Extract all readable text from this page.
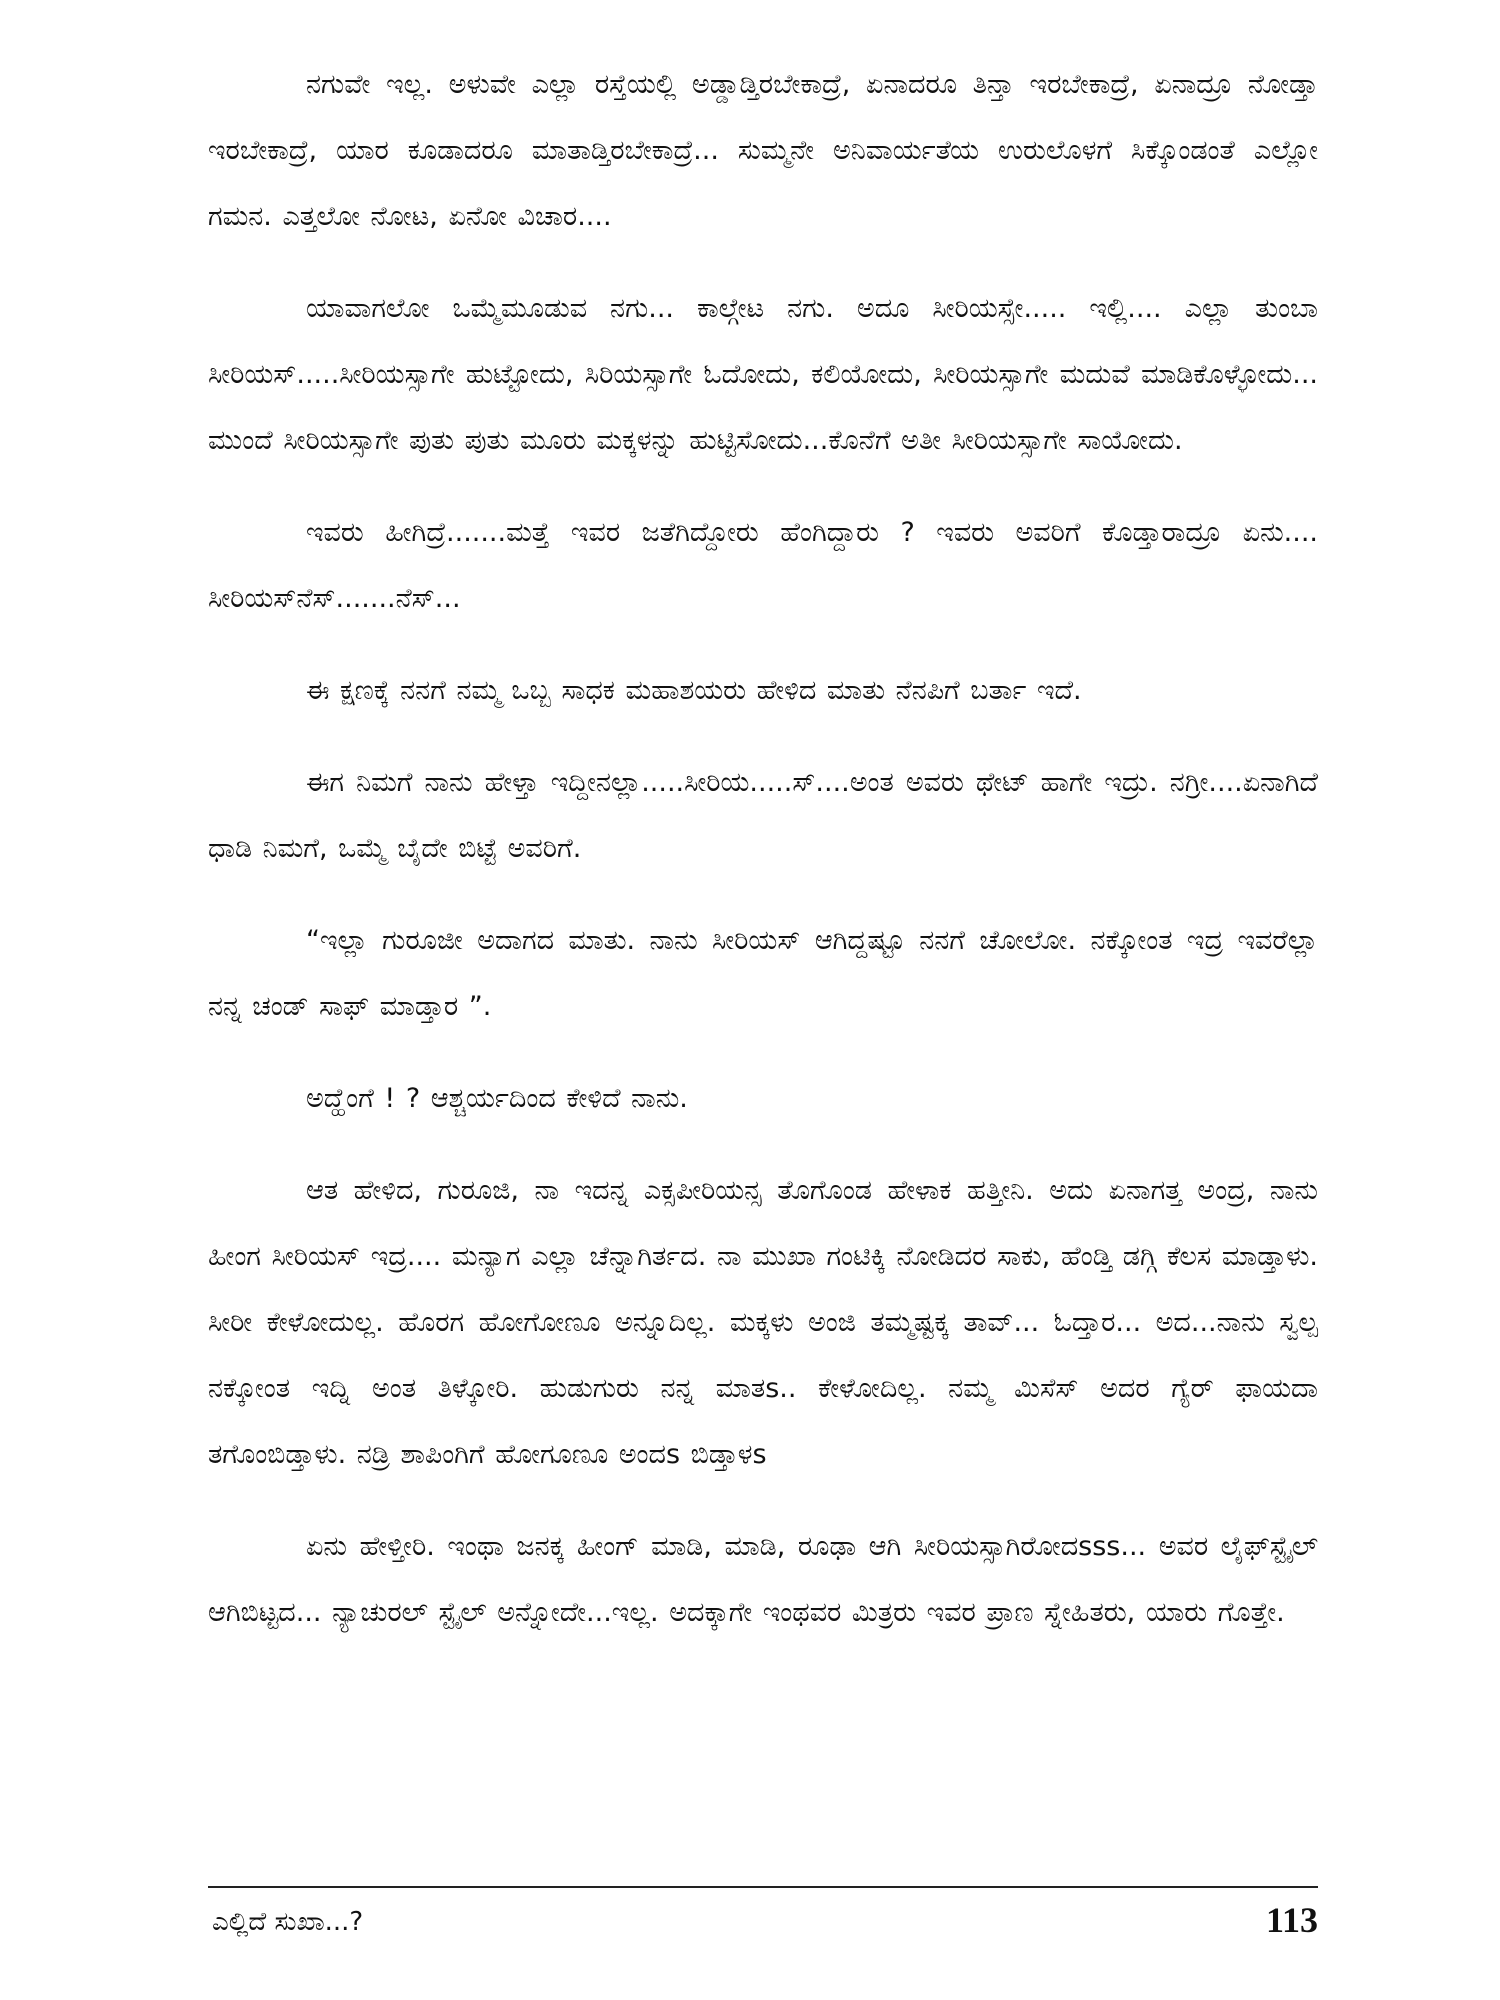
ನಗುವೇ ಇಲ್ಲ. ಅಳುವೇ ಎಲ್ಲಾ ರಸ್ತೆಯಲ್ಲಿ ಅಡ್ಡಾಡ್ತಿರಬೇಕಾದ್ರೆ, ಏನಾದರೂ ತಿನ್ತಾ ಇರಬೇಕಾದ್ರೆ, ಏನಾದ್ರೂ ನೋಡ್ತಾ ಇರಬೇಕಾದ್ರೆ, ಯಾರ ಕೂಡಾದರೂ ಮಾತಾಡ್ತಿರಬೇಕಾದ್ರೆ... ಸುಮ್ಮನೇ ಅನಿವಾರ್ಯತೆಯ ಉರುಲೊಳಗೆ ಸಿಕ್ಕೊಂಡಂತೆ ಎಲ್ಲೋ ಗಮನ. ಎತ್ತಲೋ ನೋಟ, ಏನೋ ವಿಚಾರ....

ಯಾವಾಗಲೋ ಒಮ್ಮೆಮೂಡುವ ನಗು... ಕಾಲ್ಗೇಟ ನಗು. ಅದೂ ಸೀರಿಯಸ್ಸೇ..... ಇಲ್ಲಿ.... ಎಲ್ಲಾ ತುಂಬಾ ಸೀರಿಯಸ್.....ಸೀರಿಯಸ್ಸಾಗೇ ಹುಟ್ಟೋದು, ಸಿರಿಯಸ್ಸಾಗೇ ಓದೋದು, ಕಲಿಯೋದು, ಸೀರಿಯಸ್ಸಾಗೇ ಮದುವೆ ಮಾಡಿಕೊಳ್ಳೋದು... ಮುಂದೆ ಸೀರಿಯಸ್ಸಾಗೇ ಪುತು ಪುತು ಮೂರು ಮಕ್ಕಳನ್ನು ಹುಟ್ಟಿಸೋದು...ಕೊನೆಗೆ ಅತೀ ಸೀರಿಯಸ್ಸಾಗೇ ಸಾಯೋದು.

ಇವರು ಹೀಗಿದ್ರೆ.......ಮತ್ತೆ ಇವರ ಜತೆಗಿದ್ದೋರು ಹೆಂಗಿದ್ದಾರು ? ಇವರು ಅವರಿಗೆ ಕೊಡ್ತಾರಾದ್ರೂ ಏನು.... ಸೀರಿಯಸ್‌ನೆಸ್.......ನೆಸ್...

ಈ ಕ್ಷಣಕ್ಕೆ ನನಗೆ ನಮ್ಮ ಒಬ್ಬ ಸಾಧಕ ಮಹಾಶಯರು ಹೇಳಿದ ಮಾತು ನೆನಪಿಗೆ ಬರ್ತಾ ಇದೆ.

ಈಗ ನಿಮಗೆ ನಾನು ಹೇಳ್ತಾ ಇದ್ದೀನಲ್ಲಾ.....ಸೀರಿಯ.....ಸ್....ಅಂತ ಅವರು ಥೇಟ್ ಹಾಗೇ ಇದ್ರು. ನಗ್ರೀ....ಏನಾಗಿದೆ ಧಾಡಿ ನಿಮಗೆ, ಒಮ್ಮೆ ಬೈದೇ ಬಿಟ್ಟೆ ಅವರಿಗೆ.

“ಇಲ್ಲಾ ಗುರೂಜೀ ಅದಾಗದ ಮಾತು. ನಾನು ಸೀರಿಯಸ್ ಆಗಿದ್ದಷ್ಟೂ ನನಗೆ ಚೋಲೋ. ನಕ್ಕೋಂತ ಇದ್ರ ಇವರೆಲ್ಲಾ ನನ್ನ ಚಂಡ್ ಸಾಫ್ ಮಾಡ್ತಾರ ”.

ಅದ್ಹೆಂಗೆ ! ? ಆಶ್ಚರ್ಯದಿಂದ ಕೇಳಿದೆ ನಾನು.

ಆತ ಹೇಳಿದ, ಗುರೂಜಿ, ನಾ ಇದನ್ನ ಎಕ್ಸಪೀರಿಯನ್ಸ ತೊಗೊಂಡ ಹೇಳಾಕ ಹತ್ತೀನಿ. ಅದು ಏನಾಗತ್ತ ಅಂದ್ರ, ನಾನು ಹೀಂಗ ಸೀರಿಯಸ್ ಇದ್ರ.... ಮನ್ಯಾಗ ಎಲ್ಲಾ ಚೆನ್ನಾಗಿರ್ತದ. ನಾ ಮುಖಾ ಗಂಟಿಕ್ಕಿ ನೋಡಿದರ ಸಾಕು, ಹೆಂಡ್ತಿ ಡಗ್ಗಿ ಕೆಲಸ ಮಾಡ್ತಾಳು. ಸೀರೀ ಕೇಳೋದುಲ್ಲ. ಹೊರಗ ಹೋಗೋಣೂ ಅನ್ನೂದಿಲ್ಲ. ಮಕ್ಕಳು ಅಂಜಿ ತಮ್ಮಷ್ಟಕ್ಕ ತಾವ್... ಓದ್ತಾರ... ಅದ...ನಾನು ಸ್ವಲ್ಪ ನಕ್ಕೋಂತ ಇದ್ನಿ ಅಂತ ತಿಳ್ಕೋರಿ. ಹುಡುಗುರು ನನ್ನ ಮಾತs.. ಕೇಳೋದಿಲ್ಲ. ನಮ್ಮ ಮಿಸೆಸ್ ಅದರ ಗ್ಯೆರ್ ಫಾಯದಾ ತಗೊಂಬಿಡ್ತಾಳು. ನಡ್ರಿ ಶಾಪಿಂಗಿಗೆ ಹೋಗೂಣೂ ಅಂದs ಬಿಡ್ತಾಳs

ಏನು ಹೇಳ್ತೀರಿ. ಇಂಥಾ ಜನಕ್ಕ ಹೀಂಗ್ ಮಾಡಿ, ಮಾಡಿ, ರೂಢಾ ಆಗಿ ಸೀರಿಯಸ್ಸಾಗಿರೋದsss... ಅವರ ಲೈಫ್‌ಸ್ಟೈಲ್ ಆಗಿಬಿಟ್ಟದ... ನ್ಯಾಚುರಲ್ ಸ್ಟೈಲ್ ಅನ್ನೋದೇ...ಇಲ್ಲ. ಅದಕ್ಕಾಗೇ ಇಂಥವರ ಮಿತ್ರರು ಇವರ ಪ್ರಾಣ ಸ್ನೇಹಿತರು, ಯಾರು ಗೊತ್ತೇ.

ಎಲ್ಲಿದೆ ಸುಖಾ...?	113
